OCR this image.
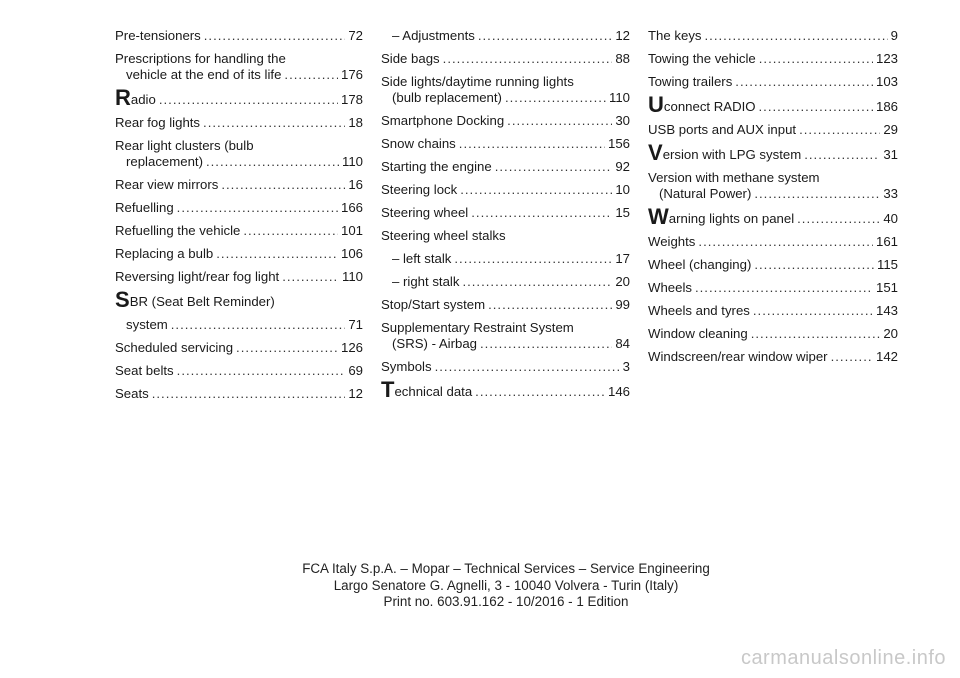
Pre-tensioners .....	72
Prescriptions for handling the
vehicle at the end of its life .....	176
Radio .....	178
Rear fog lights .....	18
Rear light clusters (bulb
replacement) .....	110
Rear view mirrors .....	16
Refuelling .....	166
Refuelling the vehicle .....	101
Replacing a bulb .....	106
Reversing light/rear fog light .....	110
SBR (Seat Belt Reminder)
system .....	71
Scheduled servicing .....	126
Seat belts .....	69
Seats .....	12
– Adjustments .....	12
Side bags .....	88
Side lights/daytime running lights
(bulb replacement) .....	110
Smartphone Docking .....	30
Snow chains .....	156
Starting the engine .....	92
Steering lock .....	10
Steering wheel .....	15
Steering wheel stalks
– left stalk .....	17
– right stalk .....	20
Stop/Start system .....	99
Supplementary Restraint System
(SRS) - Airbag .....	84
Symbols .....	3
Technical data .....	146
The keys .....	9
Towing the vehicle .....	123
Towing trailers .....	103
Uconnect RADIO .....	186
USB ports and AUX input .....	29
Version with LPG system .....	31
Version with methane system
(Natural Power) .....	33
Warning lights on panel .....	40
Weights .....	161
Wheel (changing) .....	115
Wheels .....	151
Wheels and tyres .....	143
Window cleaning .....	20
Windscreen/rear window wiper .....	142
FCA Italy S.p.A. – Mopar – Technical Services – Service Engineering
Largo Senatore G. Agnelli, 3 - 10040 Volvera - Turin (Italy)
Print no. 603.91.162 - 10/2016 - 1 Edition
carmanualsonline.info
